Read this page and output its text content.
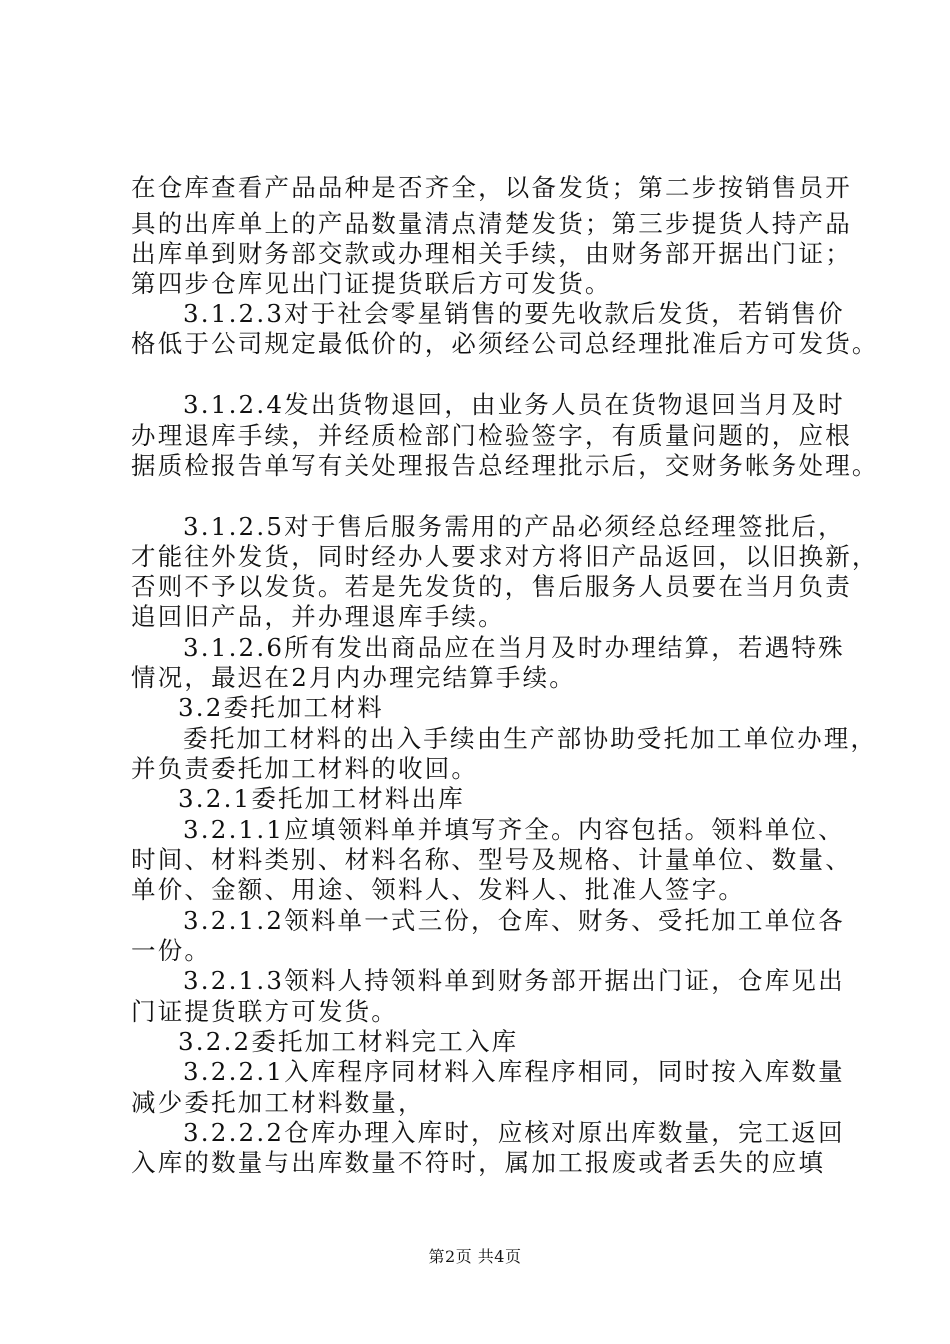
在仓库查看产品品种是否齐全，以备发货；第二步按销售员开

具的出库单上的产品数量清点清楚发货；第三步提货人持产品

出库单到财务部交款或办理相关手续，由财务部开据出门证；

第四步仓库见出门证提货联后方可发货。

3.1.2.3对于社会零星销售的要先收款后发货，若销售价

格低于公司规定最低价的，必须经公司总经理批准后方可发货。

3.1.2.4发出货物退回，由业务人员在货物退回当月及时

办理退库手续，并经质检部门检验签字，有质量问题的，应根

据质检报告单写有关处理报告总经理批示后，交财务帐务处理。

3.1.2.5对于售后服务需用的产品必须经总经理签批后，

才能往外发货，同时经办人要求对方将旧产品返回，以旧换新，

否则不予以发货。若是先发货的，售后服务人员要在当月负责

追回旧产品，并办理退库手续。

3.1.2.6所有发出商品应在当月及时办理结算，若遇特殊

情况，最迟在2月内办理完结算手续。

3.2委托加工材料

委托加工材料的出入手续由生产部协助受托加工单位办理，

并负责委托加工材料的收回。

3.2.1委托加工材料出库

3.2.1.1应填领料单并填写齐全。内容包括。领料单位、

时间、材料类别、材料名称、型号及规格、计量单位、数量、

单价、金额、用途、领料人、发料人、批准人签字。

3.2.1.2领料单一式三份，仓库、财务、受托加工单位各

一份。

3.2.1.3领料人持领料单到财务部开据出门证，仓库见出

门证提货联方可发货。

3.2.2委托加工材料完工入库

3.2.2.1入库程序同材料入库程序相同，同时按入库数量

减少委托加工材料数量，

3.2.2.2仓库办理入库时，应核对原出库数量，完工返回

入库的数量与出库数量不符时，属加工报废或者丢失的应填

第2页 共4页
